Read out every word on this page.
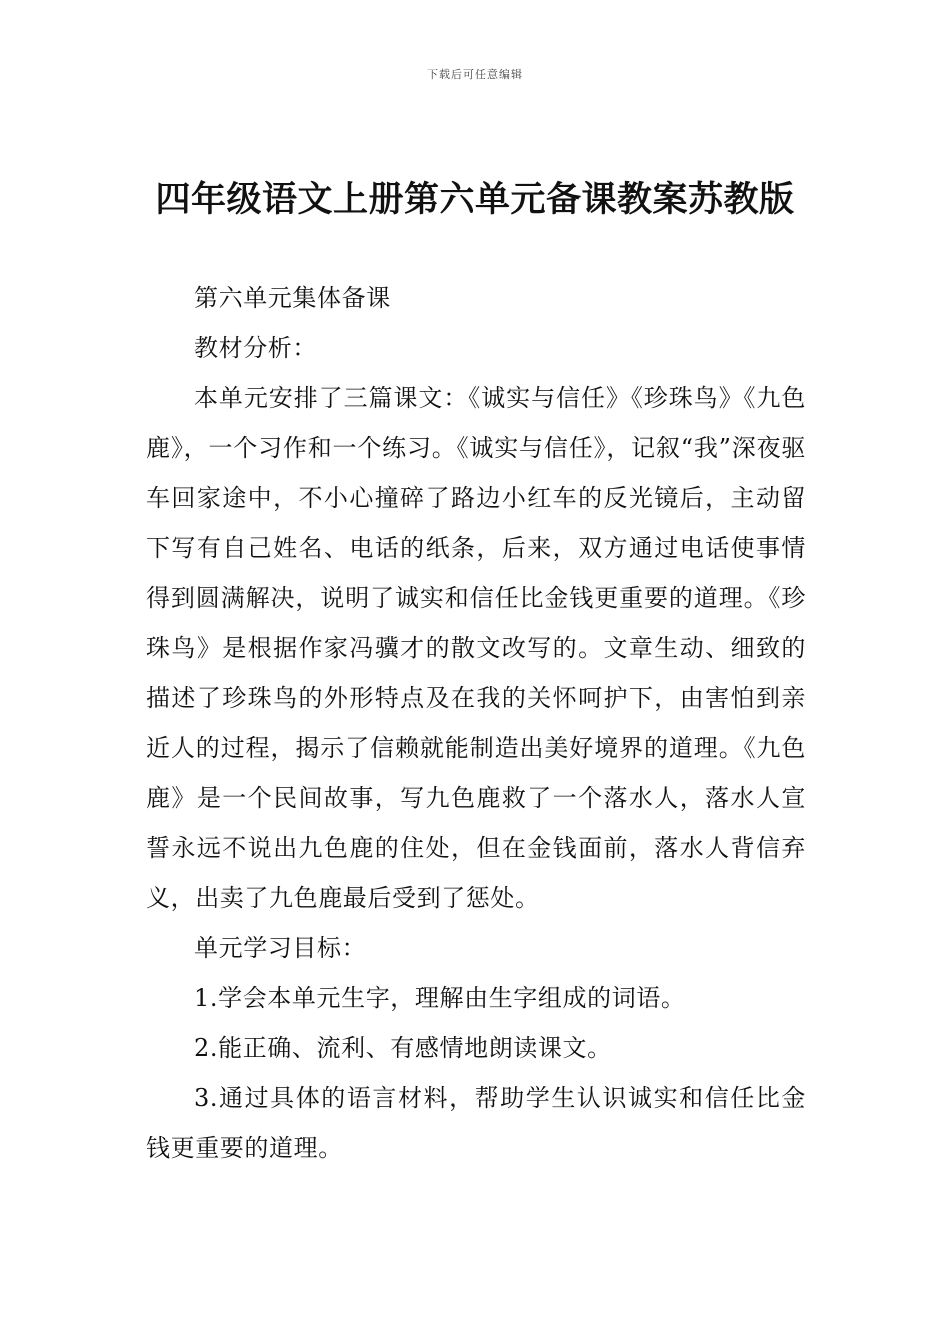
下载后可任意编辑
四年级语文上册第六单元备课教案苏教版

第六单元集体备课

教材分析：

本单元安排了三篇课文：《诚实与信任》《珍珠鸟》《九色鹿》，一个习作和一个练习。《诚实与信任》，记叙“我”深夜驱车回家途中，不小心撞碎了路边小红车的反光镜后，主动留下写有自己姓名、电话的纸条，后来，双方通过电话使事情得到圆满解决，说明了诚实和信任比金钱更重要的道理。《珍珠鸟》是根据作家冯骥才的散文改写的。文章生动、细致的描述了珍珠鸟的外形特点及在我的关怀呵护下，由害怕到亲近人的过程，揭示了信赖就能制造出美好境界的道理。《九色鹿》是一个民间故事，写九色鹿救了一个落水人，落水人宣誓永远不说出九色鹿的住处，但在金钱面前，落水人背信弃义，出卖了九色鹿最后受到了惩处。

单元学习目标：

1.学会本单元生字，理解由生字组成的词语。

2.能正确、流利、有感情地朗读课文。

3.通过具体的语言材料，帮助学生认识诚实和信任比金钱更重要的道理。
